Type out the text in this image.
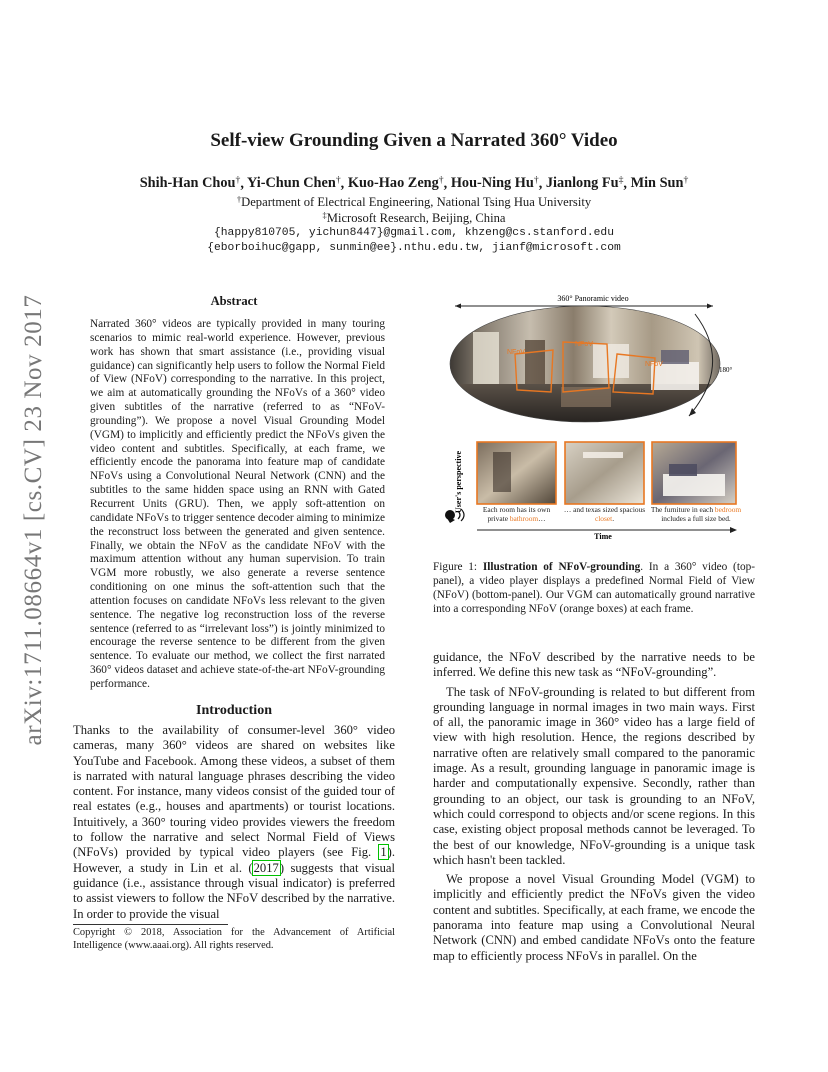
arXiv:1711.08664v1 [cs.CV] 23 Nov 2017
Self-view Grounding Given a Narrated 360° Video
Shih-Han Chou†, Yi-Chun Chen†, Kuo-Hao Zeng†, Hou-Ning Hu†, Jianlong Fu‡, Min Sun†
†Department of Electrical Engineering, National Tsing Hua University
‡Microsoft Research, Beijing, China
{happy810705, yichun8447}@gmail.com, khzeng@cs.stanford.edu
{eborboihuc@gapp, sunmin@ee}.nthu.edu.tw, jianf@microsoft.com
Abstract
Narrated 360° videos are typically provided in many touring scenarios to mimic real-world experience. However, previous work has shown that smart assistance (i.e., providing visual guidance) can significantly help users to follow the Normal Field of View (NFoV) corresponding to the narrative. In this project, we aim at automatically grounding the NFoVs of a 360° video given subtitles of the narrative (referred to as “NFoV-grounding”). We propose a novel Visual Grounding Model (VGM) to implicitly and efficiently predict the NFoVs given the video content and subtitles. Specifically, at each frame, we efficiently encode the panorama into feature map of candidate NFoVs using a Convolutional Neural Network (CNN) and the subtitles to the same hidden space using an RNN with Gated Recurrent Units (GRU). Then, we apply soft-attention on candidate NFoVs to trigger sentence decoder aiming to minimize the reconstruct loss between the generated and given sentence. Finally, we obtain the NFoV as the candidate NFoV with the maximum attention without any human supervision. To train VGM more robustly, we also generate a reverse sentence conditioning on one minus the soft-attention such that the attention focuses on candidate NFoVs less relevant to the given sentence. The negative log reconstruction loss of the reverse sentence (referred to as “irrelevant loss”) is jointly minimized to encourage the reverse sentence to be different from the given sentence. To evaluate our method, we collect the first narrated 360° videos dataset and achieve state-of-the-art NFoV-grounding performance.
Introduction
Thanks to the availability of consumer-level 360° video cameras, many 360° videos are shared on websites like YouTube and Facebook. Among these videos, a subset of them is narrated with natural language phrases describing the video content. For instance, many videos consist of the guided tour of real estates (e.g., houses and apartments) or tourist locations. Intuitively, a 360° touring video provides viewers the freedom to follow the narrative and select Normal Field of Views (NFoVs) provided by typical video players (see Fig. 1). However, a study in Lin et al. (2017) suggests that visual guidance (i.e., assistance through visual indicator) is preferred to assist viewers to follow the NFoV described by the narrative. In order to provide the visual
Copyright © 2018, Association for the Advancement of Artificial Intelligence (www.aaai.org). All rights reserved.
360° Panoramic video
180°
NFoV
NFoV
NFoV
User's perspective
Time
Each room has its own private bathroom…
… and texas sized spacious closet.
The furniture in each bedroom includes a full size bed.
Figure 1: Illustration of NFoV-grounding. In a 360° video (top-panel), a video player displays a predefined Normal Field of View (NFoV) (bottom-panel). Our VGM can automatically ground narrative into a corresponding NFoV (orange boxes) at each frame.

guidance, the NFoV described by the narrative needs to be inferred. We define this new task as “NFoV-grounding”.

The task of NFoV-grounding is related to but different from grounding language in normal images in two main ways. First of all, the panoramic image in 360° video has a large field of view with high resolution. Hence, the regions described by narrative often are relatively small compared to the panoramic image. As a result, grounding language in panoramic image is harder and computationally expensive. Secondly, rather than grounding to an object, our task is grounding to an NFoV, which could correspond to objects and/or scene regions. In this case, existing object proposal methods cannot be leveraged. To the best of our knowledge, NFoV-grounding is a unique task which hasn't been tackled.

We propose a novel Visual Grounding Model (VGM) to implicitly and efficiently predict the NFoVs given the video content and subtitles. Specifically, at each frame, we encode the panorama into feature map using a Convolutional Neural Network (CNN) and embed candidate NFoVs onto the feature map to efficiently process NFoVs in parallel. On the
